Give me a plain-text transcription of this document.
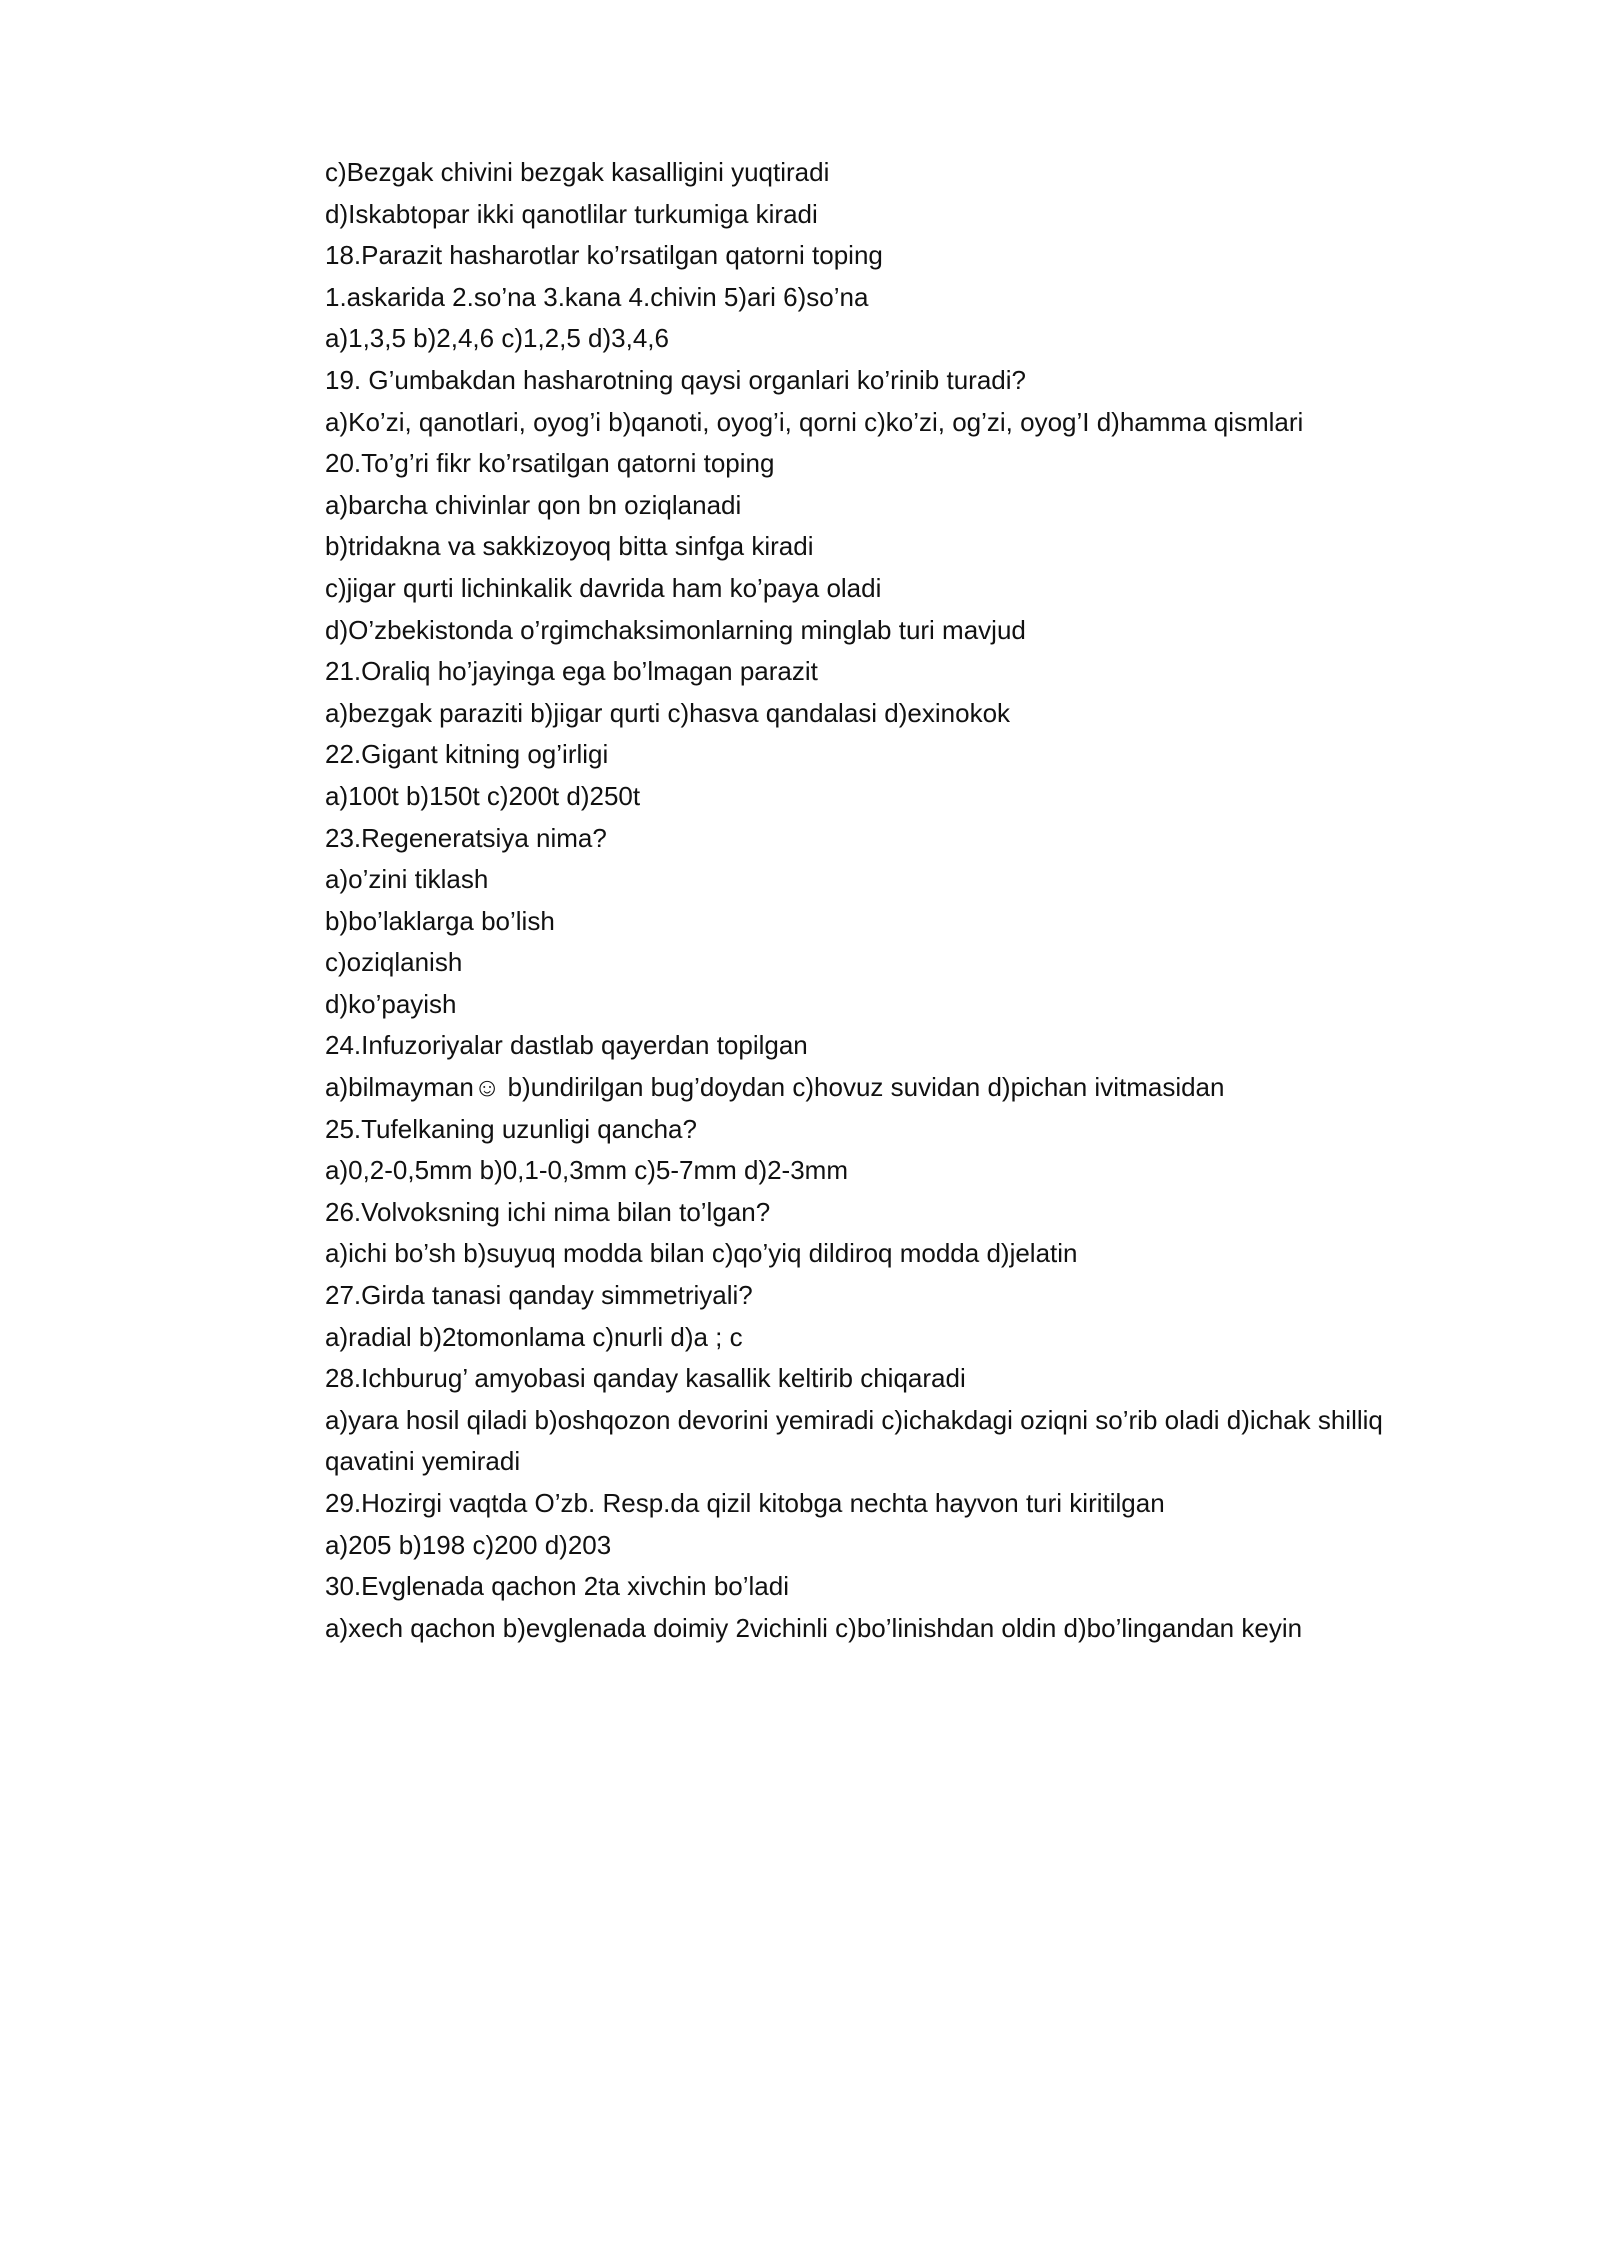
c)Bezgak chivini bezgak kasalligini yuqtiradi
d)Iskabtopar ikki qanotlilar turkumiga kiradi
18.Parazit hasharotlar ko’rsatilgan qatorni toping
1.askarida 2.so’na 3.kana 4.chivin 5)ari 6)so’na
a)1,3,5 b)2,4,6 c)1,2,5 d)3,4,6
19. G’umbakdan hasharotning qaysi organlari ko’rinib turadi?
a)Ko’zi, qanotlari, oyog’i b)qanoti, oyog’i, qorni c)ko’zi, og’zi, oyog’I d)hamma qismlari
20.To’g’ri fikr ko’rsatilgan qatorni toping
a)barcha chivinlar qon bn oziqlanadi
b)tridakna va sakkizoyoq bitta sinfga kiradi
c)jigar qurti lichinkalik davrida ham ko’paya oladi
d)O’zbekistonda o’rgimchaksimonlarning minglab turi mavjud
21.Oraliq ho’jayinga ega bo’lmagan parazit
a)bezgak paraziti b)jigar qurti c)hasva qandalasi d)exinokok
22.Gigant kitning og’irligi
a)100t b)150t c)200t d)250t
23.Regeneratsiya nima?
a)o’zini tiklash
b)bo’laklarga bo’lish
c)oziqlanish
d)ko’payish
24.Infuzoriyalar dastlab qayerdan topilgan
a)bilmayman☺ b)undirilgan bug’doydan c)hovuz suvidan d)pichan ivitmasidan
25.Tufelkaning uzunligi qancha?
a)0,2-0,5mm b)0,1-0,3mm c)5-7mm d)2-3mm
26.Volvoksning ichi nima bilan to’lgan?
a)ichi bo’sh b)suyuq modda bilan c)qo’yiq dildiroq modda d)jelatin
27.Girda tanasi qanday simmetriyali?
a)radial b)2tomonlama c)nurli d)a ; c
28.Ichburug’ amyobasi qanday kasallik keltirib chiqaradi
a)yara hosil qiladi b)oshqozon devorini yemiradi c)ichakdagi oziqni so’rib oladi d)ichak shilliq qavatini yemiradi
29.Hozirgi vaqtda O’zb. Resp.da qizil kitobga nechta hayvon turi kiritilgan
a)205 b)198 c)200 d)203
30.Evglenada qachon 2ta xivchin bo’ladi
a)xech qachon b)evglenada doimiy 2vichinli c)bo’linishdan oldin d)bo’lingandan keyin
